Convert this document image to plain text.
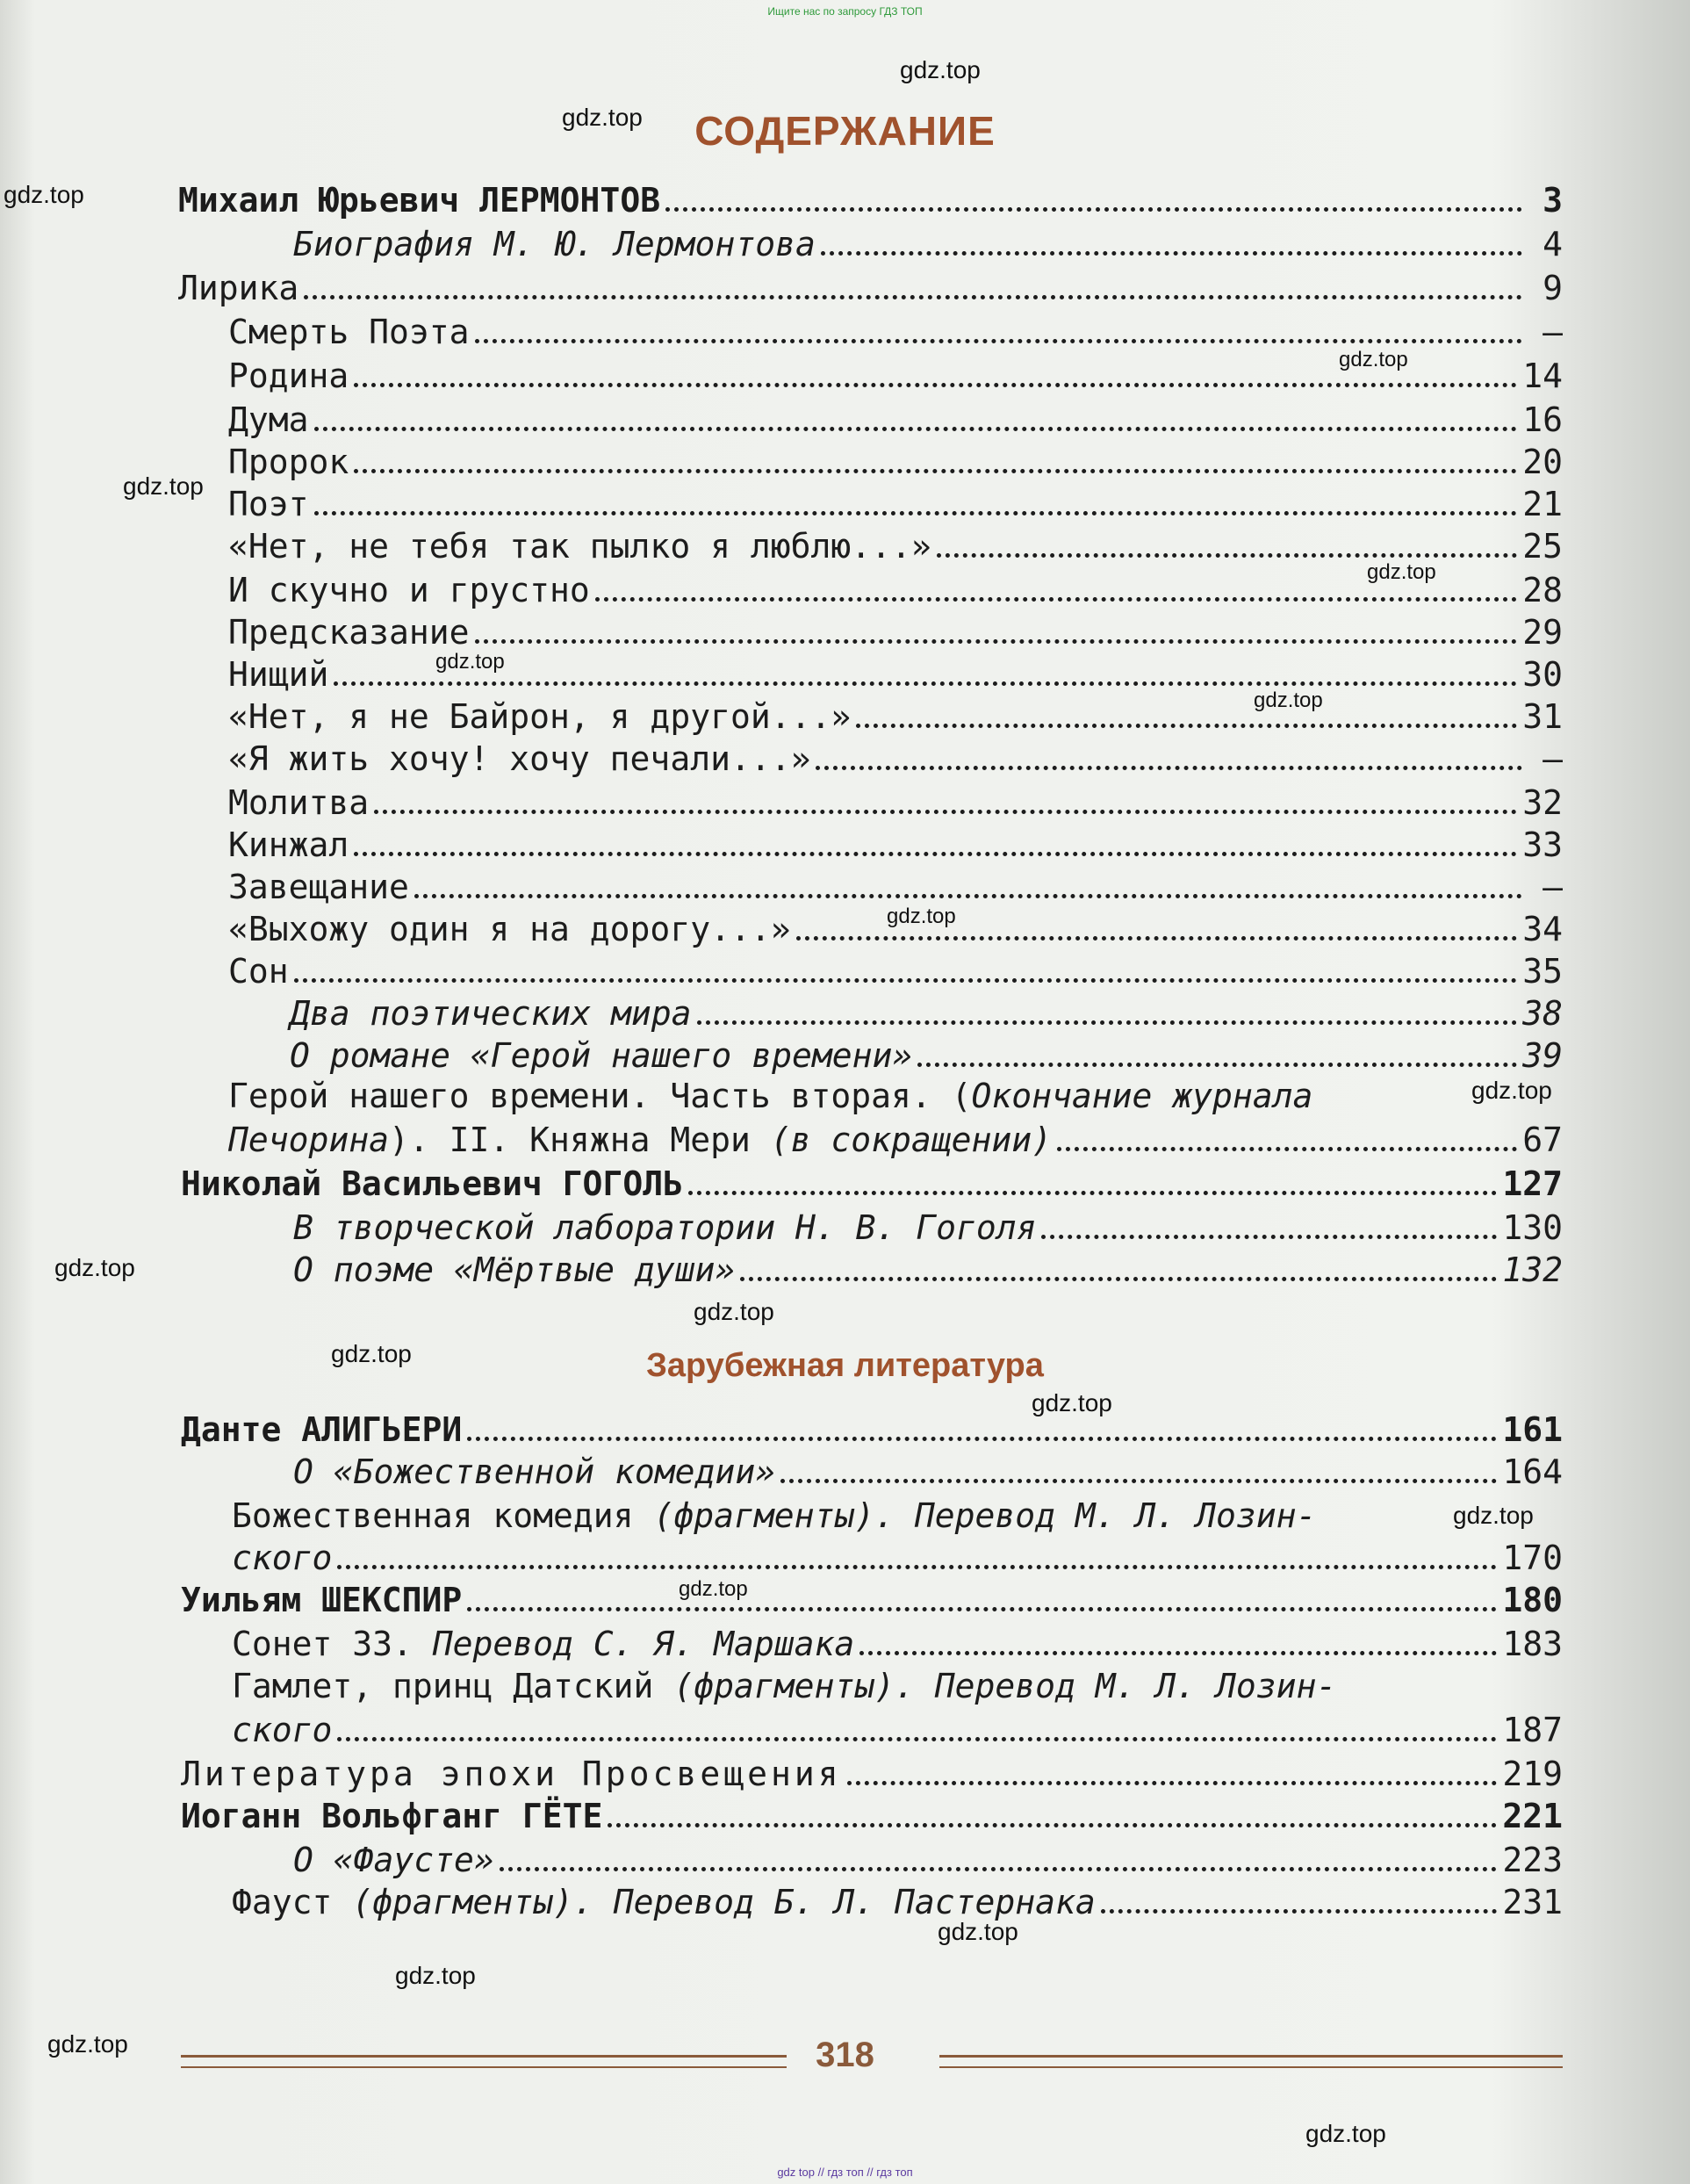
Ищите нас по запросу ГДЗ ТОП
gdz.top
gdz.top
gdz.top
gdz.top
gdz.top
gdz.top
gdz.top
gdz.top
gdz.top
gdz.top
gdz.top
gdz.top
gdz.top
gdz.top
gdz.top
gdz.top
gdz.top
gdz.top
gdz.top
gdz.top
СОДЕРЖАНИЕ
Михаил Юрьевич ЛЕРМОНТОВ	3
Биография М. Ю. Лермонтова	4
Лирика	9
Смерть Поэта	—
Родина	14
Дума	16
Пророк	20
Поэт	21
«Нет, не тебя так пылко я люблю...»	25
И скучно и грустно	28
Предсказание	29
Нищий	30
«Нет, я не Байрон, я другой...»	31
«Я жить хочу! хочу печали...»	—
Молитва	32
Кинжал	33
Завещание	—
«Выхожу один я на дорогу...»	34
Сон	35
Два поэтических мира	38
О романе «Герой нашего времени»	39
Герой нашего времени. Часть вторая. (Окончание журнала
Печорина). II. Княжна Мери (в сокращении)	67
Николай Васильевич ГОГОЛЬ	127
В творческой лаборатории Н. В. Гоголя	130
О поэме «Мёртвые души»	132
Зарубежная литература
Данте АЛИГЬЕРИ	161
О «Божественной комедии»	164
Божественная комедия (фрагменты). Перевод М. Л. Лозин-
ского	170
Уильям ШЕКСПИР	180
Сонет 33. Перевод С. Я. Маршака	183
Гамлет, принц Датский (фрагменты). Перевод М. Л. Лозин-
ского	187
Литература эпохи Просвещения	219
Иоганн Вольфганг ГЁТЕ	221
О «Фаусте»	223
Фауст (фрагменты). Перевод Б. Л. Пастернака	231
318
gdz top // гдз топ // гдз топ
